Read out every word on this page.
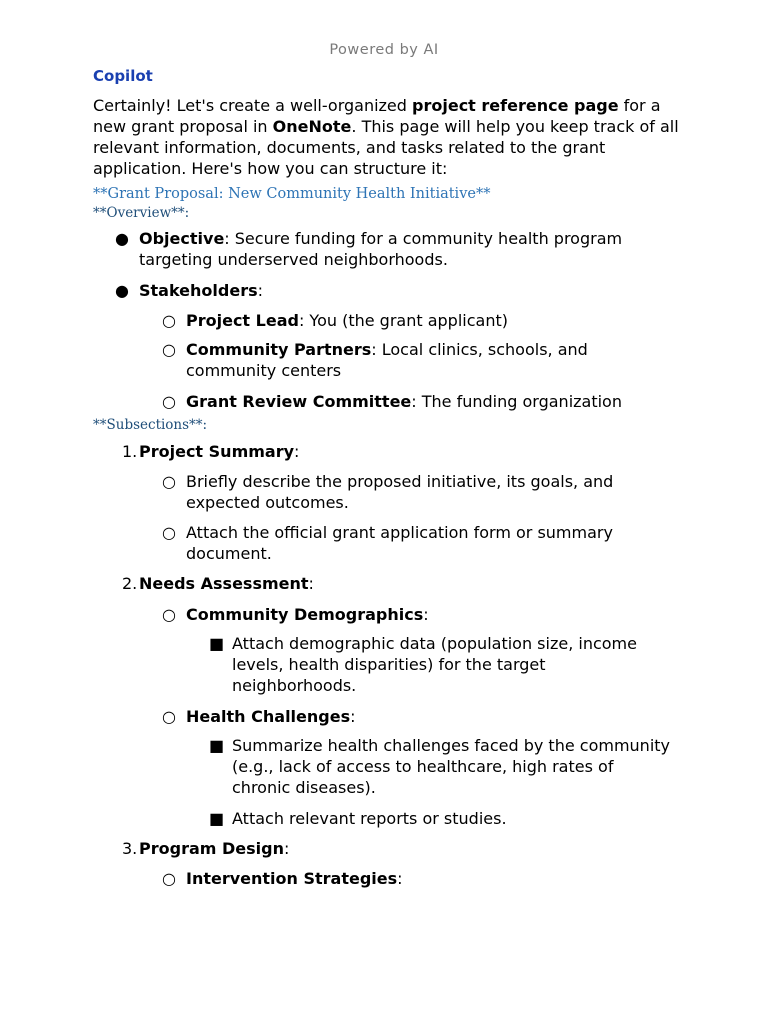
Powered by AI
Copilot
Certainly! Let's create a well-organized project reference page for a new grant proposal in OneNote. This page will help you keep track of all relevant information, documents, and tasks related to the grant application. Here's how you can structure it:
**Grant Proposal: New Community Health Initiative**
**Overview**:
● Objective: Secure funding for a community health program targeting underserved neighborhoods.
● Stakeholders:
○ Project Lead: You (the grant applicant)
○ Community Partners: Local clinics, schools, and community centers
○ Grant Review Committee: The funding organization
**Subsections**:
1. Project Summary:
○ Briefly describe the proposed initiative, its goals, and expected outcomes.
○ Attach the official grant application form or summary document.
2. Needs Assessment:
○ Community Demographics:
■ Attach demographic data (population size, income levels, health disparities) for the target neighborhoods.
○ Health Challenges:
■ Summarize health challenges faced by the community (e.g., lack of access to healthcare, high rates of chronic diseases).
■ Attach relevant reports or studies.
3. Program Design:
○ Intervention Strategies:
